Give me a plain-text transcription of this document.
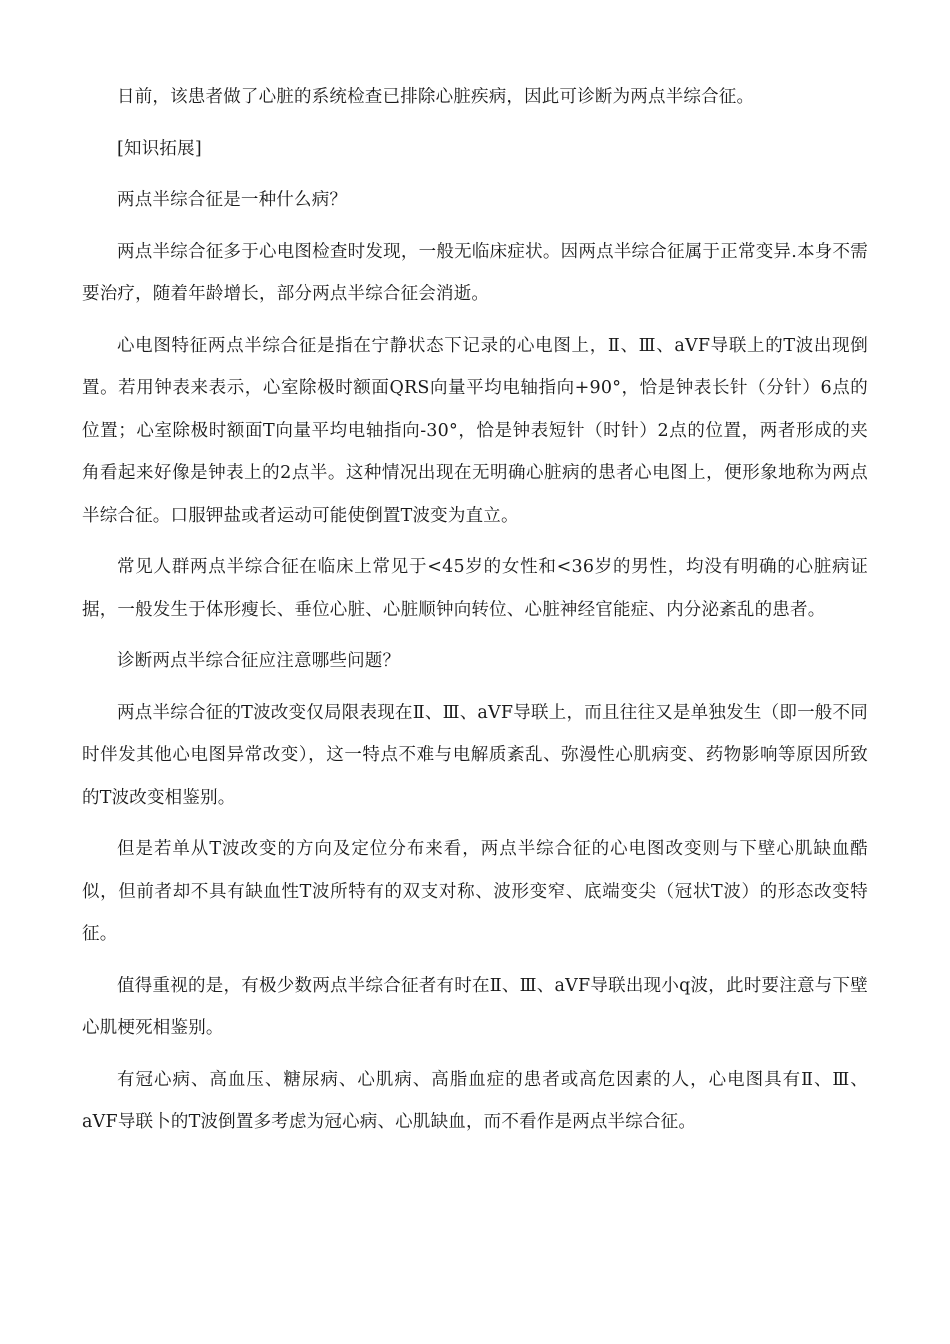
日前，该患者做了心脏的系统检查已排除心脏疾病，因此可诊断为两点半综合征。

[知识拓展]

两点半综合征是一种什么病？

两点半综合征多于心电图检查时发现，一般无临床症状。因两点半综合征属于正常变异.本身不需要治疗，随着年龄增长，部分两点半综合征会消逝。

心电图特征两点半综合征是指在宁静状态下记录的心电图上，Ⅱ、Ⅲ、aVF导联上的T波出现倒置。若用钟表来表示，心室除极时额面QRS向量平均电轴指向+90°，恰是钟表长针（分针）6点的位置；心室除极时额面T向量平均电轴指向-30°，恰是钟表短针（时针）2点的位置，两者形成的夹角看起来好像是钟表上的2点半。这种情况出现在无明确心脏病的患者心电图上，便形象地称为两点半综合征。口服钾盐或者运动可能使倒置T波变为直立。

常见人群两点半综合征在临床上常见于<45岁的女性和<36岁的男性，均没有明确的心脏病证据，一般发生于体形瘦长、垂位心脏、心脏顺钟向转位、心脏神经官能症、内分泌紊乱的患者。

诊断两点半综合征应注意哪些问题？

两点半综合征的T波改变仅局限表现在Ⅱ、Ⅲ、aVF导联上，而且往往又是单独发生（即一般不同时伴发其他心电图异常改变），这一特点不难与电解质紊乱、弥漫性心肌病变、药物影响等原因所致的T波改变相鉴别。

但是若单从T波改变的方向及定位分布来看，两点半综合征的心电图改变则与下壁心肌缺血酷似，但前者却不具有缺血性T波所特有的双支对称、波形变窄、底端变尖（冠状T波）的形态改变特征。

值得重视的是，有极少数两点半综合征者有时在Ⅱ、Ⅲ、aVF导联出现小q波，此时要注意与下壁心肌梗死相鉴别。

有冠心病、高血压、糖尿病、心肌病、高脂血症的患者或高危因素的人，心电图具有Ⅱ、Ⅲ、aVF导联卜的T波倒置多考虑为冠心病、心肌缺血，而不看作是两点半综合征。
